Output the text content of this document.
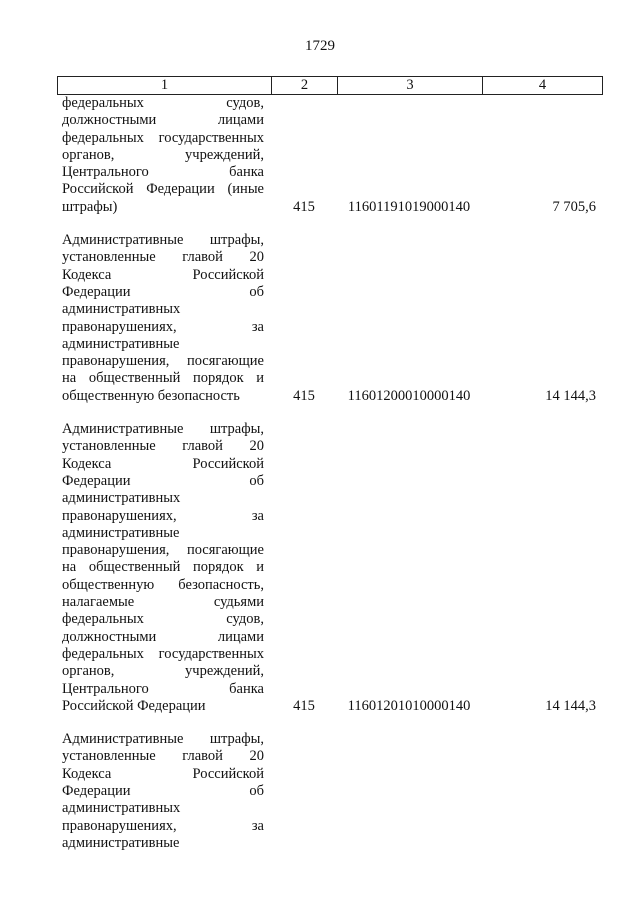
1729
1	2	3	4
федеральных судов,
должностными лицами
федеральных государственных
органов, учреждений,
Центрального банка
Российской Федерации (иные
штрафы)	415 11601191019000140	7 705,6
Административные штрафы,
установленные главой 20
Кодекса Российской
Федерации об
административных
правонарушениях, за
административные
правонарушения, посягающие
на общественный порядок и
общественную безопасность	415 11601200010000140	14 144,3
Административные штрафы,
установленные главой 20
Кодекса Российской
Федерации об
административных
правонарушениях, за
административные
правонарушения, посягающие
на общественный порядок и
общественную безопасность,
налагаемые судьями
федеральных судов,
должностными лицами
федеральных государственных
органов, учреждений,
Центрального банка
Российской Федерации	415 11601201010000140	14 144,3
Административные штрафы,
установленные главой 20
Кодекса Российской
Федерации об
административных
правонарушениях, за
административные
